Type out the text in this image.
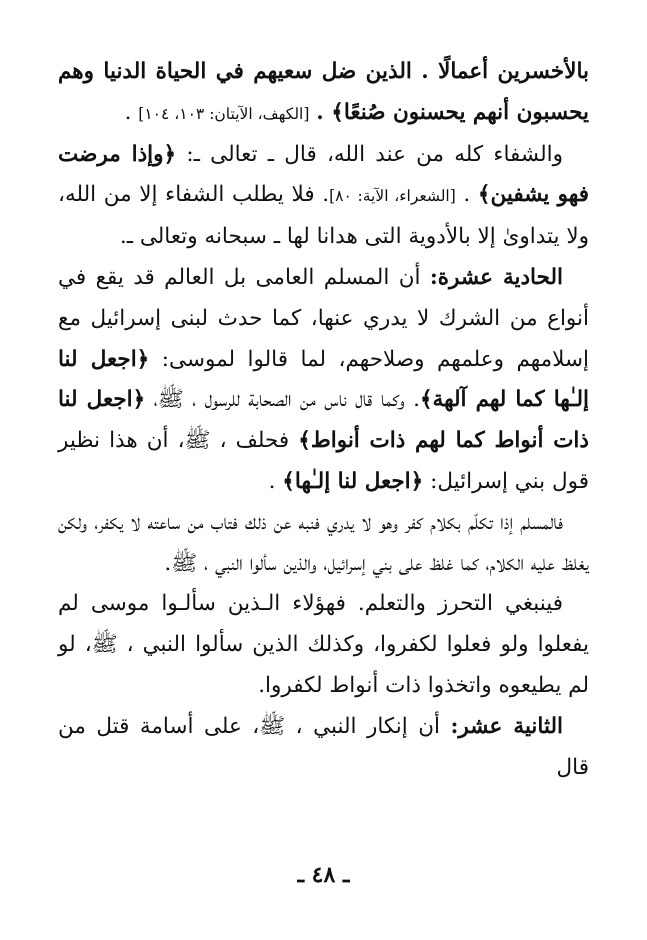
بالأخسرين أعمالًا . الذين ضل سعيهم في الحياة الدنيا وهم يحسبون أنهم يحسنون صُنعًا﴾ . [الكهف، الآيتان: ١٠٣، ١٠٤] .

والشفاء كله من عند الله، قال ـ تعالى ـ: ﴿وإذا مرضت فهو يشفين﴾ . [الشعراء، الآية: ٨٠]. فلا يطلب الشفاء إلا من الله، ولا يتداوىٰ إلا بالأدوية التى هدانا لها ـ سبحانه وتعالى ـ.

الحادية عشرة: أن المسلم العامى بل العالم قد يقع في أنواع من الشرك لا يدري عنها، كما حدث لبنى إسرائيل مع إسلامهم وعلمهم وصلاحهم، لما قالوا لموسى: ﴿اجعل لنا إلـٰها كما لهم آلهة﴾. وكما قال ناس من الصحابة للرسول ، ﷺ، ﴿اجعل لنا ذات أنواط كما لهم ذات أنواط﴾ فحلف ، ﷺ، أن هذا نظير قول بني إسرائيل: ﴿اجعل لنا إلـٰها﴾ .

فالمسلم إذا تكلّم بكلام كفر وهو لا يدري فنبه عن ذلك فتاب من ساعته لا يكفر، ولكن يغلظ عليه الكلام، كما غلظ على بني إسرائيل، والذين سألوا النبي ، ﷺ.

فينبغي التحرز والتعلم. فهؤلاء الـذين سألـوا موسى لم يفعلوا ولو فعلوا لكفروا، وكذلك الذين سألوا النبي ، ﷺ، لو لم يطيعوه واتخذوا ذات أنواط لكفروا.

الثانية عشر: أن إنكار النبي ، ﷺ، على أسامة قتل من قال

ـ ٤٨ ـ
